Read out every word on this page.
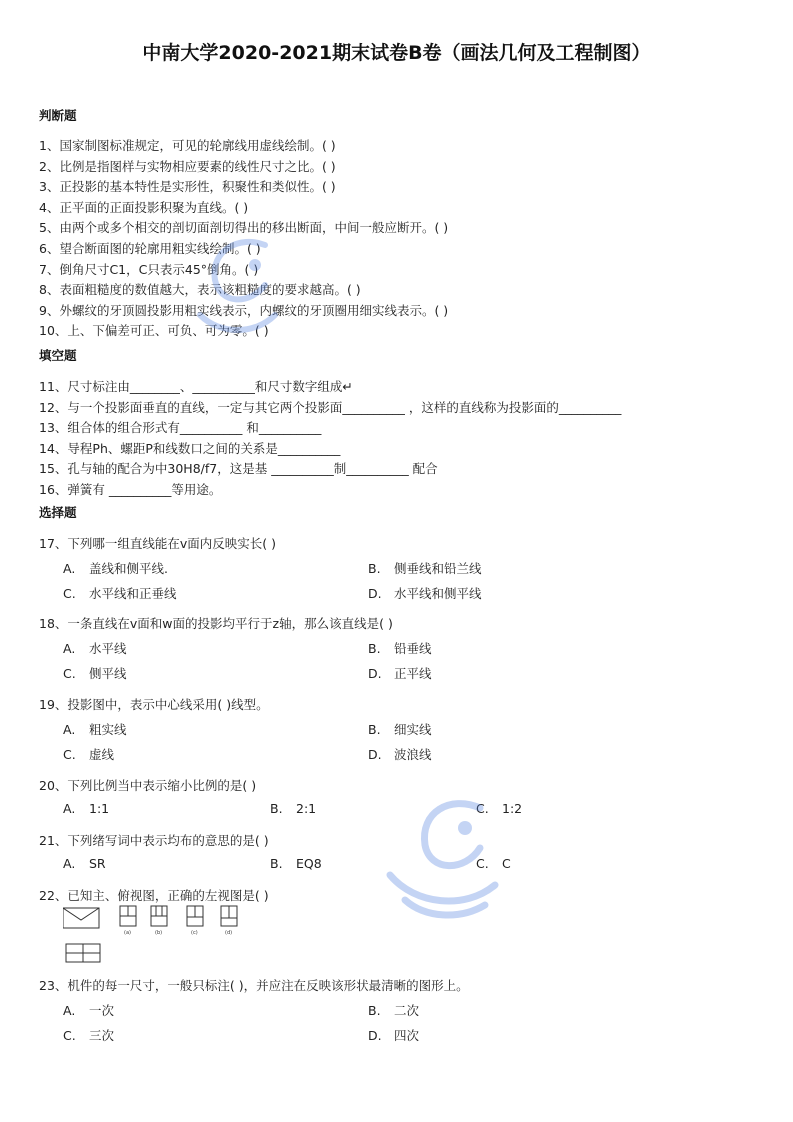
中南大学2020-2021期末试卷B卷（画法几何及工程制图）
判断题
1、国家制图标准规定，可见的轮廓线用虚线绘制。( )
2、比例是指图样与实物相应要素的线性尺寸之比。( )
3、正投影的基本特性是实形性，积聚性和类似性。( )
4、正平面的正面投影积聚为直线。( )
5、由两个或多个相交的剖切面剖切得出的移出断面，中间一般应断开。( )
6、望合断面图的轮廓用粗实线绘制。( )
7、倒角尺寸C1，C只表示45°倒角。( )
8、表面粗糙度的数值越大，表示该粗糙度的要求越高。( )
9、外螺纹的牙顶圆投影用粗实线表示，内螺纹的牙顶圈用细实线表示。( )
10、上、下偏差可正、可负、可为零。( )
填空题
11、尺寸标注由________、__________和尺寸数字组成↵
12、与一个投影面垂直的直线，一定与其它两个投影面__________ ，这样的直线称为投影面的__________
13、组合体的组合形式有__________ 和__________
14、导程Ph、螺距P和线数口之间的关系是__________
15、孔与轴的配合为中30H8/f7，这是基 __________制__________ 配合
16、弹簧有 __________等用途。
选择题
17、下列哪一组直线能在v面内反映实长( )
A. 盖线和侧平线.	B. 侧垂线和铅兰线
C. 水平线和正垂线	D. 水平线和侧平线
18、一条直线在v面和w面的投影均平行于z轴，那么该直线是( )
A. 水平线	B. 铅垂线
C. 侧平线	D. 正平线
19、投影图中，表示中心线采用( )线型。
A. 粗实线	B. 细实线
C. 虚线	D. 波浪线
20、下列比例当中表示缩小比例的是( )
A. 1:1	B. 2:1	C. 1:2
21、下列绪写词中表示均布的意思的是( )
A. SR	B. EQ8	C. C
22、已知主、俯视图，正确的左视图是( )
(a)	(b)	(c)	(d)
23、机件的每一尺寸，一般只标注( )，并应注在反映该形状最清晰的图形上。
A. 一次	B. 二次
C. 三次	D. 四次
